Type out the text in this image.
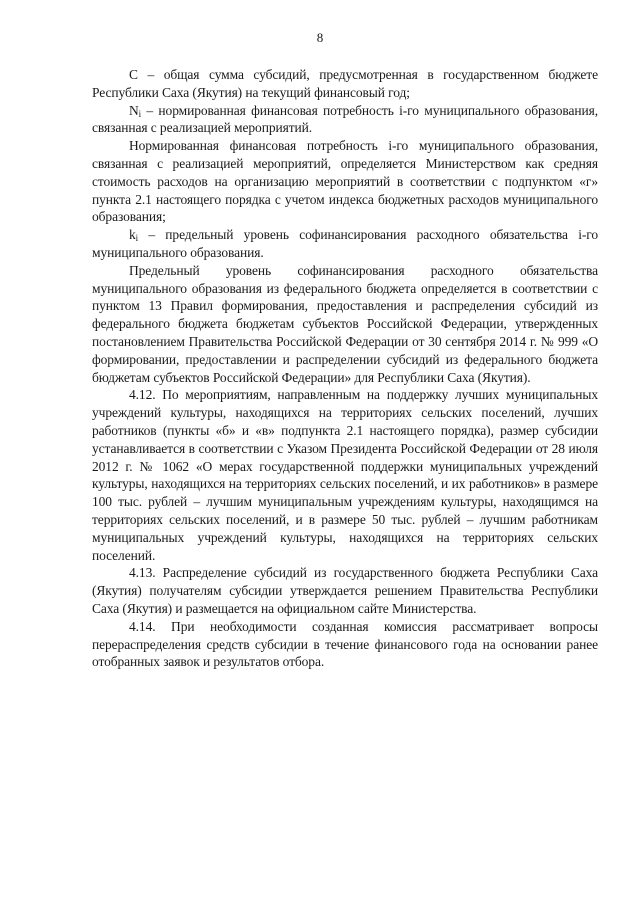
8

С – общая сумма субсидий, предусмотренная в государственном бюджете Республики Саха (Якутия) на текущий финансовый год;

$N_i$ – нормированная финансовая потребность i-го муниципального образования, связанная с реализацией мероприятий.

Нормированная финансовая потребность i-го муниципального образования, связанная с реализацией мероприятий, определяется Министерством как средняя стоимость расходов на организацию мероприятий в соответствии с подпунктом «г» пункта 2.1 настоящего порядка с учетом индекса бюджетных расходов муниципального образования;

$k_i$ – предельный уровень софинансирования расходного обязательства i-го муниципального образования.

Предельный уровень софинансирования расходного обязательства муниципального образования из федерального бюджета определяется в соответствии с пунктом 13 Правил формирования, предоставления и распределения субсидий из федерального бюджета бюджетам субъектов Российской Федерации, утвержденных постановлением Правительства Российской Федерации от 30 сентября 2014 г. № 999 «О формировании, предоставлении и распределении субсидий из федерального бюджета бюджетам субъектов Российской Федерации» для Республики Саха (Якутия).

4.12. По мероприятиям, направленным на поддержку лучших муниципальных учреждений культуры, находящихся на территориях сельских поселений, лучших работников (пункты «б» и «в» подпункта 2.1 настоящего порядка), размер субсидии устанавливается в соответствии с Указом Президента Российской Федерации от 28 июля 2012 г. № 1062 «О мерах государственной поддержки муниципальных учреждений культуры, находящихся на территориях сельских поселений, и их работников» в размере 100 тыс. рублей – лучшим муниципальным учреждениям культуры, находящимся на территориях сельских поселений, и в размере 50 тыс. рублей – лучшим работникам муниципальных учреждений культуры, находящихся на территориях сельских поселений.

4.13. Распределение субсидий из государственного бюджета Республики Саха (Якутия) получателям субсидии утверждается решением Правительства Республики Саха (Якутия) и размещается на официальном сайте Министерства.

4.14. При необходимости созданная комиссия рассматривает вопросы перераспределения средств субсидии в течение финансового года на основании ранее отобранных заявок и результатов отбора.
